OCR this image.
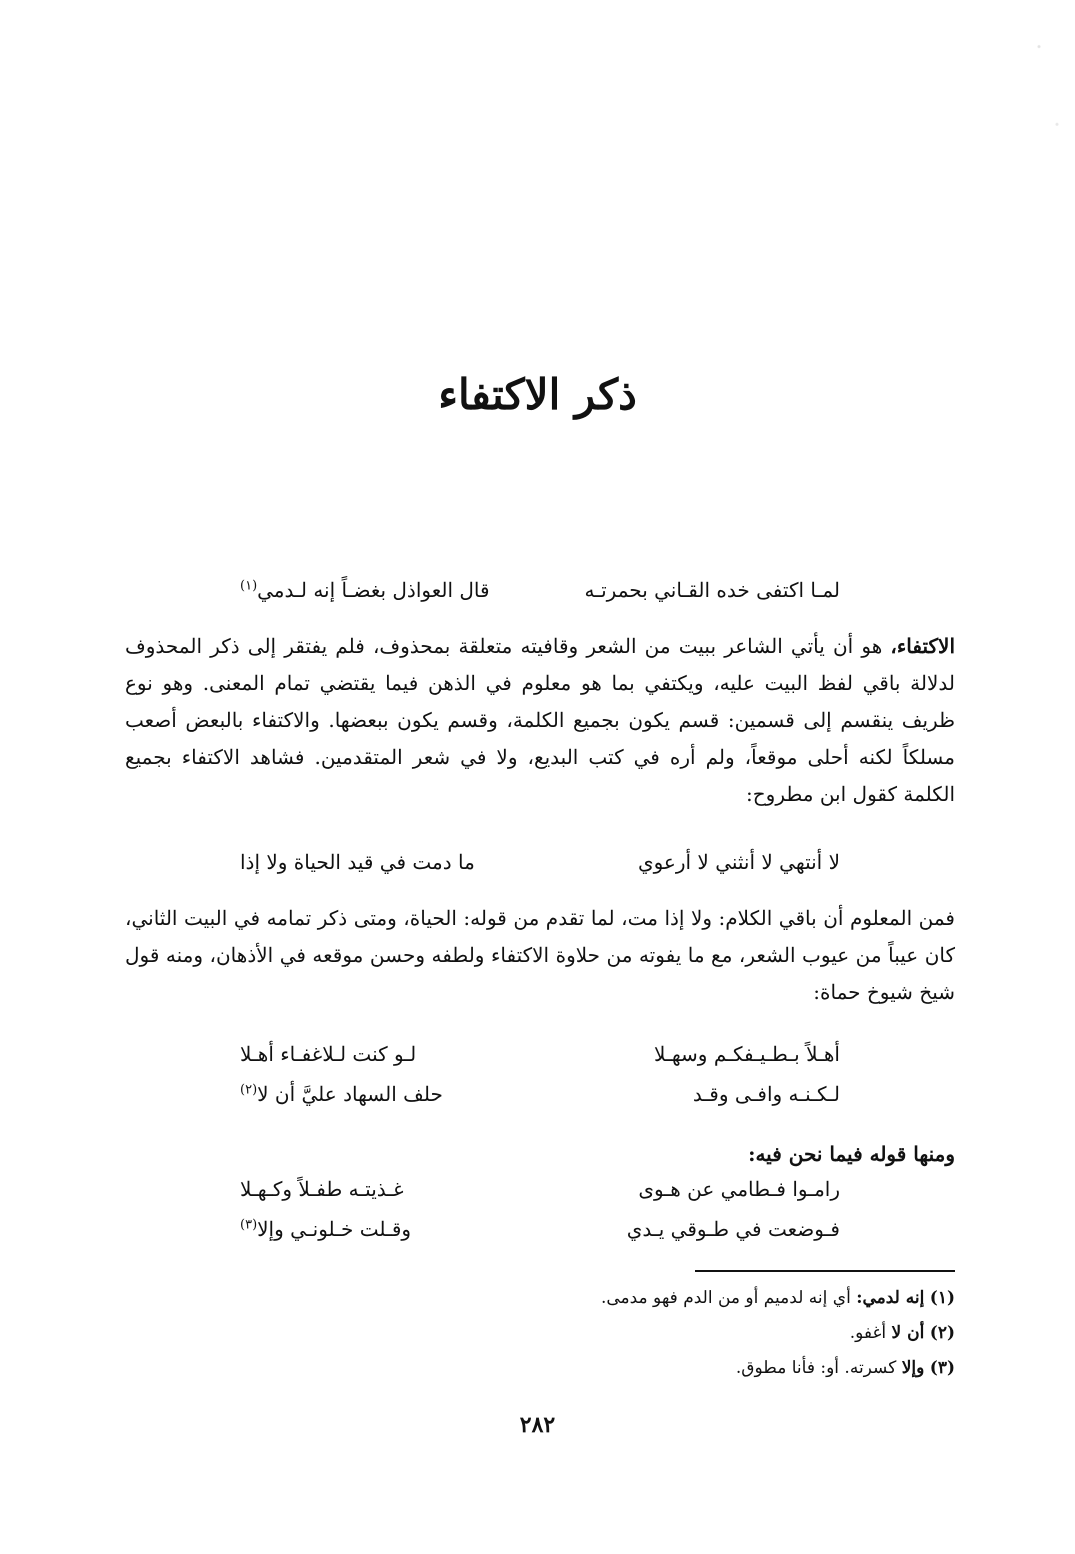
ذكر الاكتفاء
لمـا اكتفى خده القـاني بحمرتـه
قال العواذل بغضـاً إنه لـدمي$^{(١)}$
الاكتفاء، هو أن يأتي الشاعر ببيت من الشعر وقافيته متعلقة بمحذوف، فلم يفتقر إلى ذكر المحذوف لدلالة باقي لفظ البيت عليه، ويكتفي بما هو معلوم في الذهن فيما يقتضي تمام المعنى. وهو نوع ظريف ينقسم إلى قسمين: قسم يكون بجميع الكلمة، وقسم يكون ببعضها. والاكتفاء بالبعض أصعب مسلكاً لكنه أحلى موقعاً، ولم أره في كتب البديع، ولا في شعر المتقدمين. فشاهد الاكتفاء بجميع الكلمة كقول ابن مطروح:
لا أنتهي لا أنثني لا أرعوي
ما دمت في قيد الحياة ولا إذا
فمن المعلوم أن باقي الكلام: ولا إذا مت، لما تقدم من قوله: الحياة، ومتى ذكر تمامه في البيت الثاني، كان عيباً من عيوب الشعر، مع ما يفوته من حلاوة الاكتفاء ولطفه وحسن موقعه في الأذهان، ومنه قول شيخ شيوخ حماة:
أهـلاً بـطـيـفكـم وسهـلا
لـو كنت لـلاغفـاء أهـلا
لـكـنـه وافـى وقـد
حلف السهاد عليَّ أن لا$^{(٢)}$
ومنها قوله فيما نحن فيه:
رامـوا فـطامي عن هـوى
غـذيتـه طفـلاً وكـهـلا
فـوضعت في طـوقي يـدي
وقـلت خـلونـي وإلا$^{(٣)}$
(١) إنه لدمي: أي إنه لدميم أو من الدم فهو مدمى.
(٢) أن لا أغفو.
(٣) وإلا كسرته. أو: فأنا مطوق.
٢٨٢
